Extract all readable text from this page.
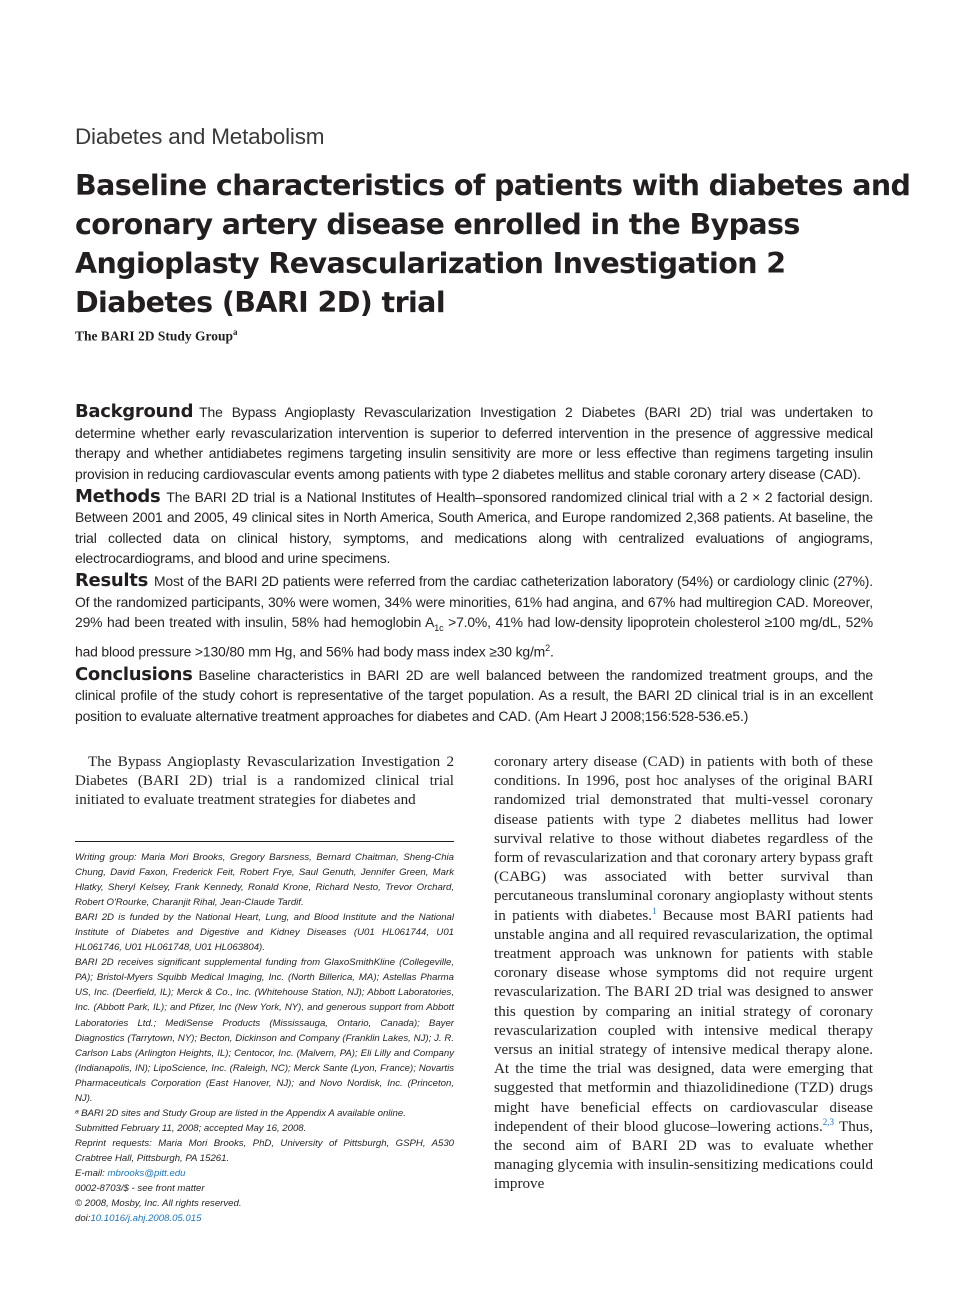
Diabetes and Metabolism
Baseline characteristics of patients with diabetes and coronary artery disease enrolled in the Bypass Angioplasty Revascularization Investigation 2 Diabetes (BARI 2D) trial
The BARI 2D Study Group$^a$

Background The Bypass Angioplasty Revascularization Investigation 2 Diabetes (BARI 2D) trial was undertaken to determine whether early revascularization intervention is superior to deferred intervention in the presence of aggressive medical therapy and whether antidiabetes regimens targeting insulin sensitivity are more or less effective than regimens targeting insulin provision in reducing cardiovascular events among patients with type 2 diabetes mellitus and stable coronary artery disease (CAD).

Methods The BARI 2D trial is a National Institutes of Health–sponsored randomized clinical trial with a 2 × 2 factorial design. Between 2001 and 2005, 49 clinical sites in North America, South America, and Europe randomized 2,368 patients. At baseline, the trial collected data on clinical history, symptoms, and medications along with centralized evaluations of angiograms, electrocardiograms, and blood and urine specimens.

Results Most of the BARI 2D patients were referred from the cardiac catheterization laboratory (54%) or cardiology clinic (27%). Of the randomized participants, 30% were women, 34% were minorities, 61% had angina, and 67% had multiregion CAD. Moreover, 29% had been treated with insulin, 58% had hemoglobin $A_{1c} >7.0\%$, 41% had low-density lipoprotein cholesterol ≥100 mg/dL, 52% had blood pressure >130/80 mm Hg, and 56% had body mass index ≥30 $kg/m^2$.

Conclusions Baseline characteristics in BARI 2D are well balanced between the randomized treatment groups, and the clinical profile of the study cohort is representative of the target population. As a result, the BARI 2D clinical trial is in an excellent position to evaluate alternative treatment approaches for diabetes and CAD. (Am Heart J 2008;156:528-536.e5.)

The Bypass Angioplasty Revascularization Investigation 2 Diabetes (BARI 2D) trial is a randomized clinical trial initiated to evaluate treatment strategies for diabetes and

Writing group: Maria Mori Brooks, Gregory Barsness, Bernard Chaitman, Sheng-Chia Chung, David Faxon, Frederick Feit, Robert Frye, Saul Genuth, Jennifer Green, Mark Hlatky, Sheryl Kelsey, Frank Kennedy, Ronald Krone, Richard Nesto, Trevor Orchard, Robert O'Rourke, Charanjit Rihal, Jean-Claude Tardif.

BARI 2D is funded by the National Heart, Lung, and Blood Institute and the National Institute of Diabetes and Digestive and Kidney Diseases (U01 HL061744, U01 HL061746, U01 HL061748, U01 HL063804).

BARI 2D receives significant supplemental funding from GlaxoSmithKline (Collegeville, PA); Bristol-Myers Squibb Medical Imaging, Inc. (North Billerica, MA); Astellas Pharma US, Inc. (Deerfield, IL); Merck & Co., Inc. (Whitehouse Station, NJ); Abbott Laboratories, Inc. (Abbott Park, IL); and Pfizer, Inc (New York, NY), and generous support from Abbott Laboratories Ltd.; MediSense Products (Mississauga, Ontario, Canada); Bayer Diagnostics (Tarrytown, NY); Becton, Dickinson and Company (Franklin Lakes, NJ); J. R. Carlson Labs (Arlington Heights, IL); Centocor, Inc. (Malvern, PA); Eli Lilly and Company (Indianapolis, IN); LipoScience, Inc. (Raleigh, NC); Merck Sante (Lyon, France); Novartis Pharmaceuticals Corporation (East Hanover, NJ); and Novo Nordisk, Inc. (Princeton, NJ).

ᵃ BARI 2D sites and Study Group are listed in the Appendix A available online.

Submitted February 11, 2008; accepted May 16, 2008.

Reprint requests: Maria Mori Brooks, PhD, University of Pittsburgh, GSPH, A530 Crabtree Hall, Pittsburgh, PA 15261.

E-mail: mbrooks@pitt.edu

0002-8703/$ - see front matter

© 2008, Mosby, Inc. All rights reserved.

doi:10.1016/j.ahj.2008.05.015

coronary artery disease (CAD) in patients with both of these conditions. In 1996, post hoc analyses of the original BARI randomized trial demonstrated that multi-vessel coronary disease patients with type 2 diabetes mellitus had lower survival relative to those without diabetes regardless of the form of revascularization and that coronary artery bypass graft (CABG) was associated with better survival than percutaneous transluminal coronary angioplasty without stents in patients with diabetes.$^1$ Because most BARI patients had unstable angina and all required revascularization, the optimal treatment approach was unknown for patients with stable coronary disease whose symptoms did not require urgent revascularization. The BARI 2D trial was designed to answer this question by comparing an initial strategy of coronary revascularization coupled with intensive medical therapy versus an initial strategy of intensive medical therapy alone. At the time the trial was designed, data were emerging that suggested that metformin and thiazolidinedione (TZD) drugs might have beneficial effects on cardiovascular disease independent of their blood glucose–lowering actions.$^{2,3}$ Thus, the second aim of BARI 2D was to evaluate whether managing glycemia with insulin-sensitizing medications could improve
